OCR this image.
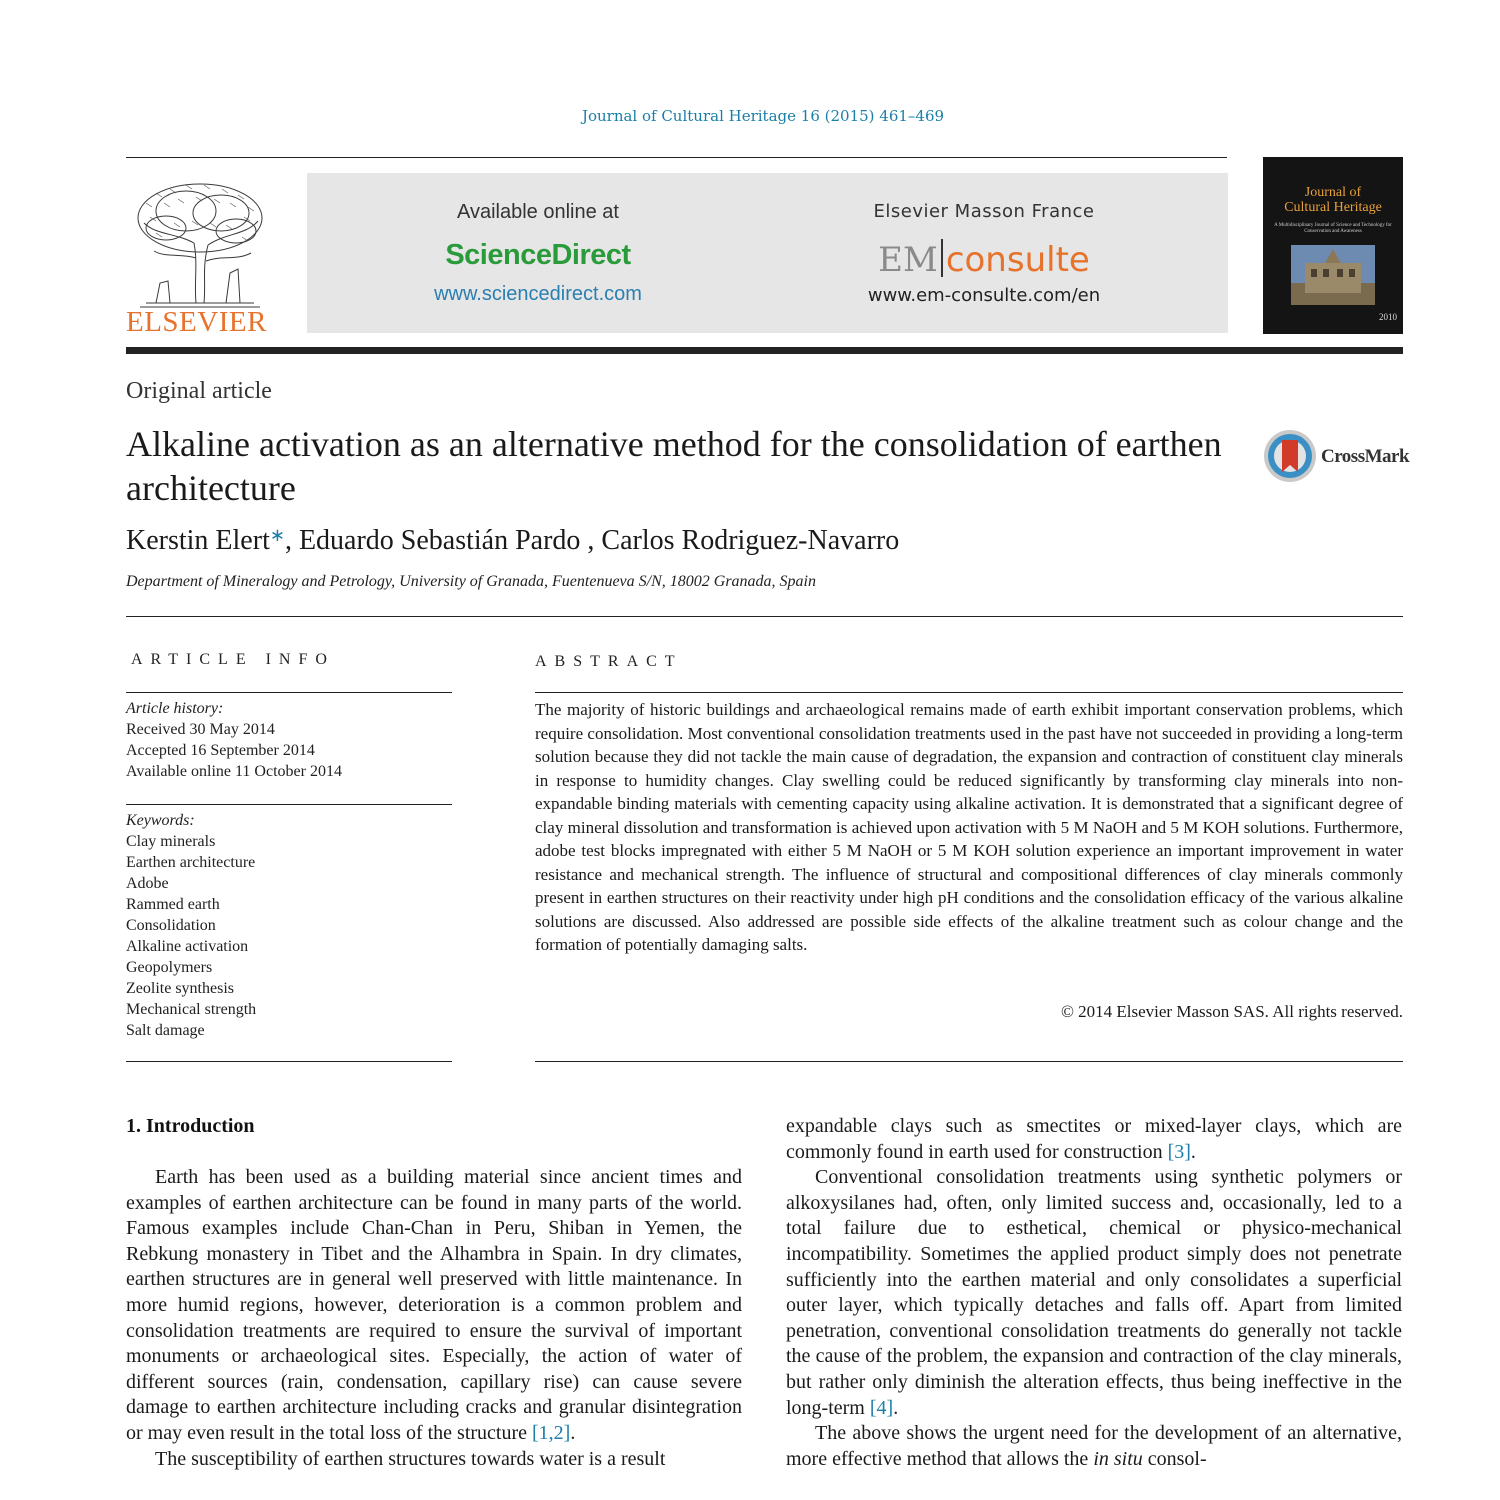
Journal of Cultural Heritage 16 (2015) 461–469
ELSEVIER
Available online at
ScienceDirect
www.sciencedirect.com
Elsevier Masson France
EM consulte
www.em-consulte.com/en
Journal of
Cultural Heritage
A Multidisciplinary Journal of Science and Technology for Conservation and Awareness
2010
Original article
Alkaline activation as an alternative method for the consolidation of earthen architecture
CrossMark
Kerstin Elert∗, Eduardo Sebastián Pardo , Carlos Rodriguez-Navarro
Department of Mineralogy and Petrology, University of Granada, Fuentenueva S/N, 18002 Granada, Spain
ARTICLE INFO
Article history:
Received 30 May 2014
Accepted 16 September 2014
Available online 11 October 2014
Keywords:
Clay minerals
Earthen architecture
Adobe
Rammed earth
Consolidation
Alkaline activation
Geopolymers
Zeolite synthesis
Mechanical strength
Salt damage
ABSTRACT

The majority of historic buildings and archaeological remains made of earth exhibit important conservation problems, which require consolidation. Most conventional consolidation treatments used in the past have not succeeded in providing a long-term solution because they did not tackle the main cause of degradation, the expansion and contraction of constituent clay minerals in response to humidity changes. Clay swelling could be reduced significantly by transforming clay minerals into non-expandable binding materials with cementing capacity using alkaline activation. It is demonstrated that a significant degree of clay mineral dissolution and transformation is achieved upon activation with 5 M NaOH and 5 M KOH solutions. Furthermore, adobe test blocks impregnated with either 5 M NaOH or 5 M KOH solution experience an important improvement in water resistance and mechanical strength. The influence of structural and compositional differences of clay minerals commonly present in earthen structures on their reactivity under high pH conditions and the consolidation efficacy of the various alkaline solutions are discussed. Also addressed are possible side effects of the alkaline treatment such as colour change and the formation of potentially damaging salts.

© 2014 Elsevier Masson SAS. All rights reserved.
1. Introduction

Earth has been used as a building material since ancient times and examples of earthen architecture can be found in many parts of the world. Famous examples include Chan-Chan in Peru, Shiban in Yemen, the Rebkung monastery in Tibet and the Alhambra in Spain. In dry climates, earthen structures are in general well preserved with little maintenance. In more humid regions, however, deterioration is a common problem and consolidation treatments are required to ensure the survival of important monuments or archaeological sites. Especially, the action of water of different sources (rain, condensation, capillary rise) can cause severe damage to earthen architecture including cracks and granular disintegration or may even result in the total loss of the structure [1,2].

The susceptibility of earthen structures towards water is a result

expandable clays such as smectites or mixed-layer clays, which are commonly found in earth used for construction [3].

Conventional consolidation treatments using synthetic polymers or alkoxysilanes had, often, only limited success and, occasionally, led to a total failure due to esthetical, chemical or physico-mechanical incompatibility. Sometimes the applied product simply does not penetrate sufficiently into the earthen material and only consolidates a superficial outer layer, which typically detaches and falls off. Apart from limited penetration, conventional consolidation treatments do generally not tackle the cause of the problem, the expansion and contraction of the clay minerals, but rather only diminish the alteration effects, thus being ineffective in the long-term [4].

The above shows the urgent need for the development of an alternative, more effective method that allows the in situ consol-
